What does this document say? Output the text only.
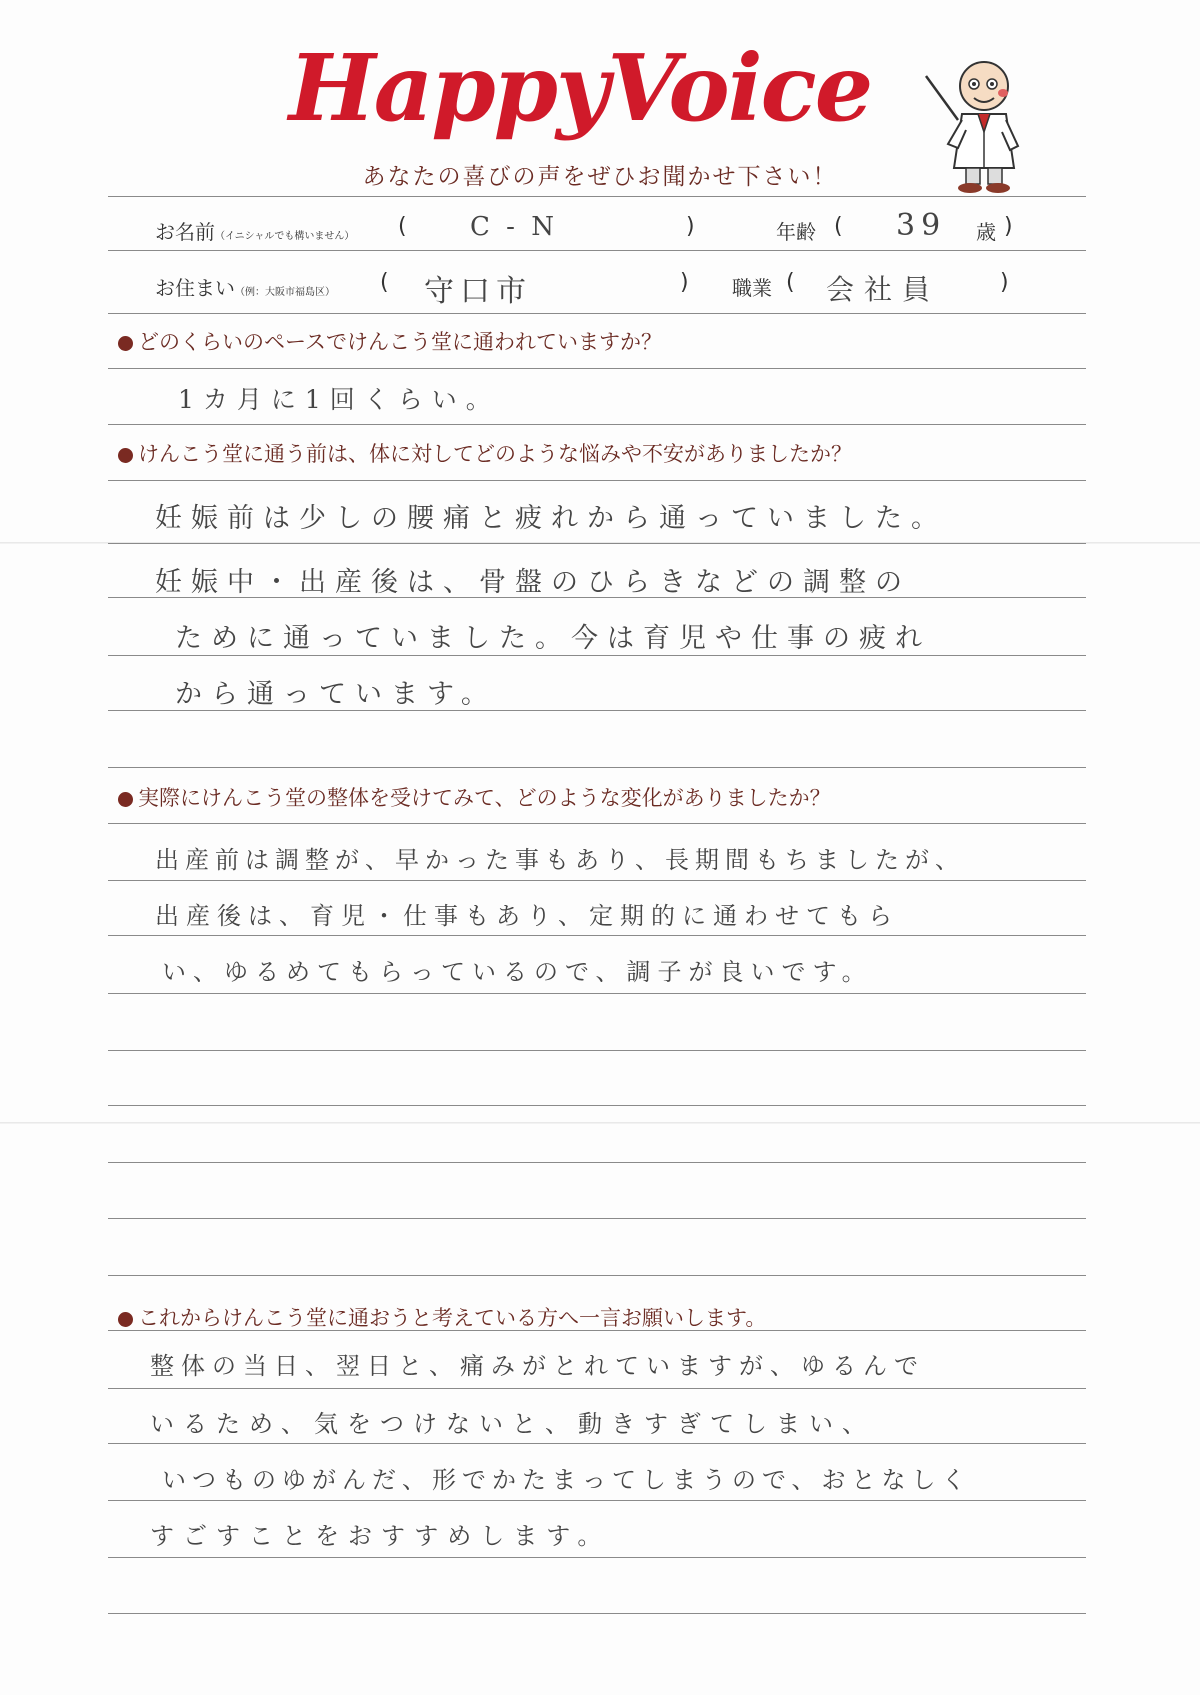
HappyVoice
あなたの喜びの声をぜひお聞かせ下さい！
お名前（イニシャルでも構いません） ( C - N	)	年齢 ( 39 歳 )
お住まい（例：大阪市福島区） ( 守口市	) 職業 ( 会社員	)
どのくらいのペースでけんこう堂に通われていますか？
1カ月に1回くらい。
けんこう堂に通う前は、体に対してどのような悩みや不安がありましたか？
妊娠前は少しの腰痛と疲れから通っていました。
妊娠中・出産後は、骨盤のひらきなどの調整の
ために通っていました。今は育児や仕事の疲れ
から通っています。
実際にけんこう堂の整体を受けてみて、どのような変化がありましたか？
出産前は調整が、早かった事もあり、長期間もちましたが、
出産後は、育児・仕事もあり、定期的に通わせてもら
い、ゆるめてもらっているので、調子が良いです。
これからけんこう堂に通おうと考えている方へ一言お願いします。
整体の当日、翌日と、痛みがとれていますが、ゆるんで
いるため、気をつけないと、動きすぎてしまい、
いつものゆがんだ、形でかたまってしまうので、おとなしく
すごすことをおすすめします。
